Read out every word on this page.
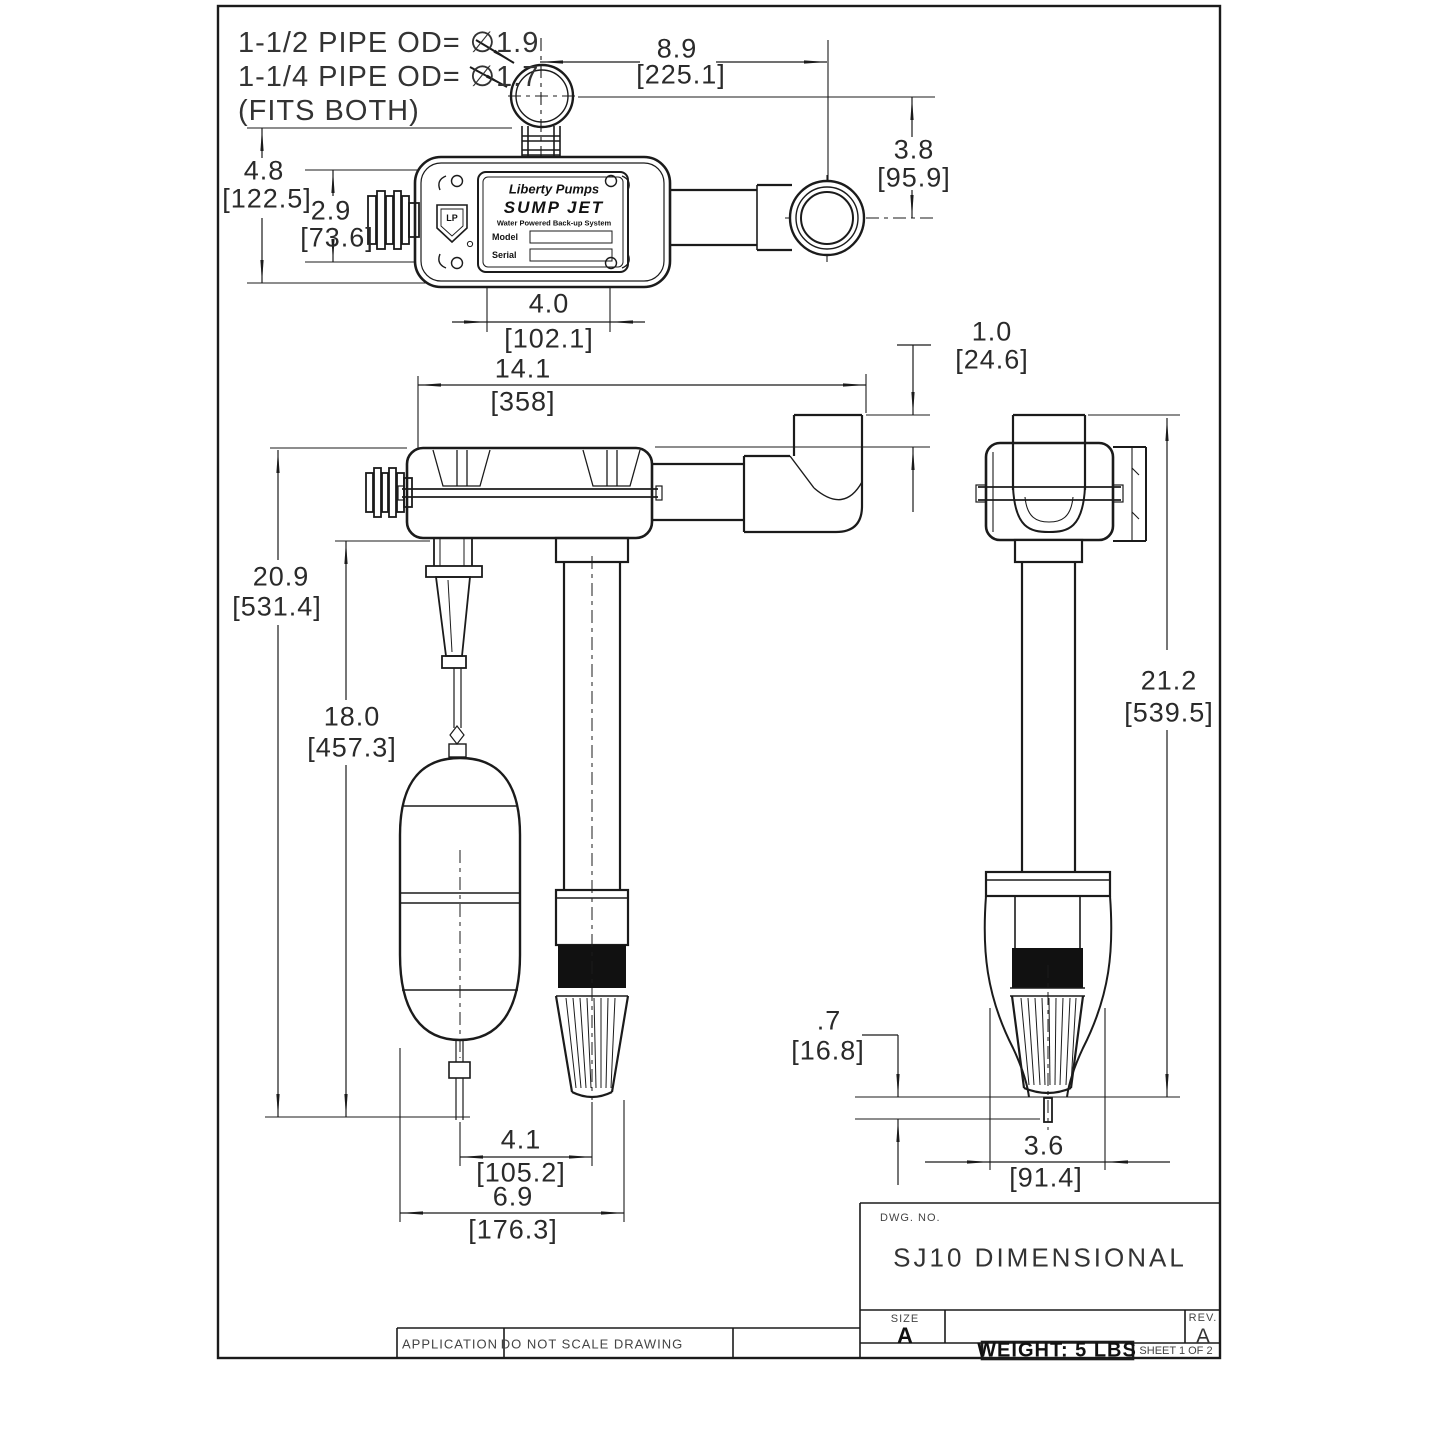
1-1/2 PIPE OD= ∅1.9
1-1/4 PIPE OD= ∅1.7
(FITS BOTH)
8.9
[225.1]
3.8
[95.9]
4.8
[122.5]
2.9
[73.6]
4.0
[102.1]
14.1
[358]
1.0
[24.6]
20.9
[531.4]
18.0
[457.3]
21.2
[539.5]
.7
[16.8]
4.1
[105.2]
6.9
[176.3]
3.6
[91.4]
Liberty Pumps
SUMP JET
Water Powered Back-up System
Model
Serial
LP
DWG. NO.
SJ10 DIMENSIONAL
SIZE
A
REV.
A
WEIGHT: 5 LBS SHEET 1 OF 2
APPLICATION DO NOT SCALE DRAWING
